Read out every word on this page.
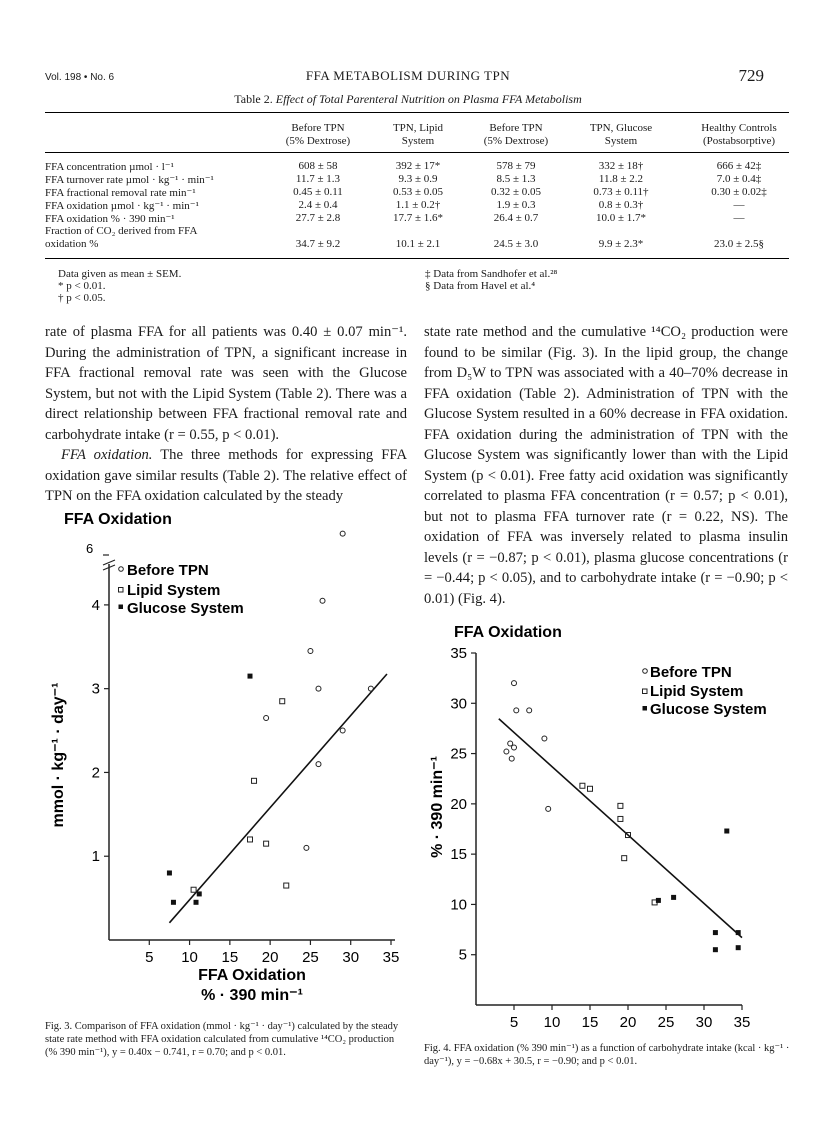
Vol. 198 • No. 6	FFA METABOLISM DURING TPN	729
Table 2. Effect of Total Parenteral Nutrition on Plasma FFA Metabolism
Before TPN
(5% Dextrose)
TPN, Lipid
System
Before TPN
(5% Dextrose)
TPN, Glucose
System
Healthy Controls
(Postabsorptive)
FFA concentration µmol · l⁻¹
FFA turnover rate µmol · kg⁻¹ · min⁻¹
FFA fractional removal rate min⁻¹
FFA oxidation µmol · kg⁻¹ · min⁻¹
FFA oxidation % · 390 min⁻¹
Fraction of CO₂ derived from FFA
oxidation %
608 ± 58	392 ± 17*	578 ± 79	332 ± 18†	666 ± 42‡
11.7 ± 1.3	9.3 ± 0.9	8.5 ± 1.3	11.8 ± 2.2	7.0 ± 0.4‡
0.45 ± 0.11	0.53 ± 0.05	0.32 ± 0.05	0.73 ± 0.11†	0.30 ± 0.02‡
2.4 ± 0.4	1.1 ± 0.2†	1.9 ± 0.3	0.8 ± 0.3†	—
27.7 ± 2.8	17.7 ± 1.6*	26.4 ± 0.7	10.0 ± 1.7*	—
34.7 ± 9.2	10.1 ± 2.1	24.5 ± 3.0	9.9 ± 2.3*	23.0 ± 2.5§
Data given as mean ± SEM.
* p < 0.01.
† p < 0.05.
‡ Data from Sandhofer et al.²⁸
§ Data from Havel et al.⁴

rate of plasma FFA for all patients was 0.40 ± 0.07 min⁻¹. During the administration of TPN, a significant increase in FFA fractional removal rate was seen with the Glucose System, but not with the Lipid System (Table 2). There was a direct relationship between FFA fractional removal rate and carbohydrate intake (r = 0.55, p < 0.01).

FFA oxidation. The three methods for expressing FFA oxidation gave similar results (Table 2). The relative effect of TPN on the FFA oxidation calculated by the steady

state rate method and the cumulative ¹⁴CO₂ production were found to be similar (Fig. 3). In the lipid group, the change from D₅W to TPN was associated with a 40–70% decrease in FFA oxidation (Table 2). Administration of TPN with the Glucose System resulted in a 60% decrease in FFA oxidation. FFA oxidation during the administration of TPN with the Glucose System was significantly lower than with the Lipid System (p < 0.01). Free fatty acid oxidation was significantly correlated to plasma FFA concentration (r = 0.57; p < 0.01), but not to plasma FFA turnover rate (r = 0.22, NS). The oxidation of FFA was inversely related to plasma insulin levels (r = −0.87; p < 0.01), plasma glucose concentrations (r = −0.44; p < 0.05), and to carbohydrate intake (r = −0.90; p < 0.01) (Fig. 4).

FFA Oxidation
6
mmol · kg⁻¹ · day⁻¹
FFA Oxidation
% · 390 min⁻¹
Before TPN
Lipid System
Glucose System
5 10 15 20 25 30 35
1
2
3
4
FFA Oxidation
% · 390 min⁻¹
Before TPN
Lipid System
Glucose System
5 10 15 20 25 30 35
5
10
15
20
25
30
35
Fig. 3. Comparison of FFA oxidation (mmol · kg⁻¹ · day⁻¹) calculated by the steady state rate method with FFA oxidation calculated from cumulative ¹⁴CO₂ production (% 390 min⁻¹), y = 0.40x − 0.741, r = 0.70; and p < 0.01.	Fig. 4. FFA oxidation (% 390 min⁻¹) as a function of carbohydrate intake (kcal · kg⁻¹ · day⁻¹), y = −0.68x + 30.5, r = −0.90; and p < 0.01.
